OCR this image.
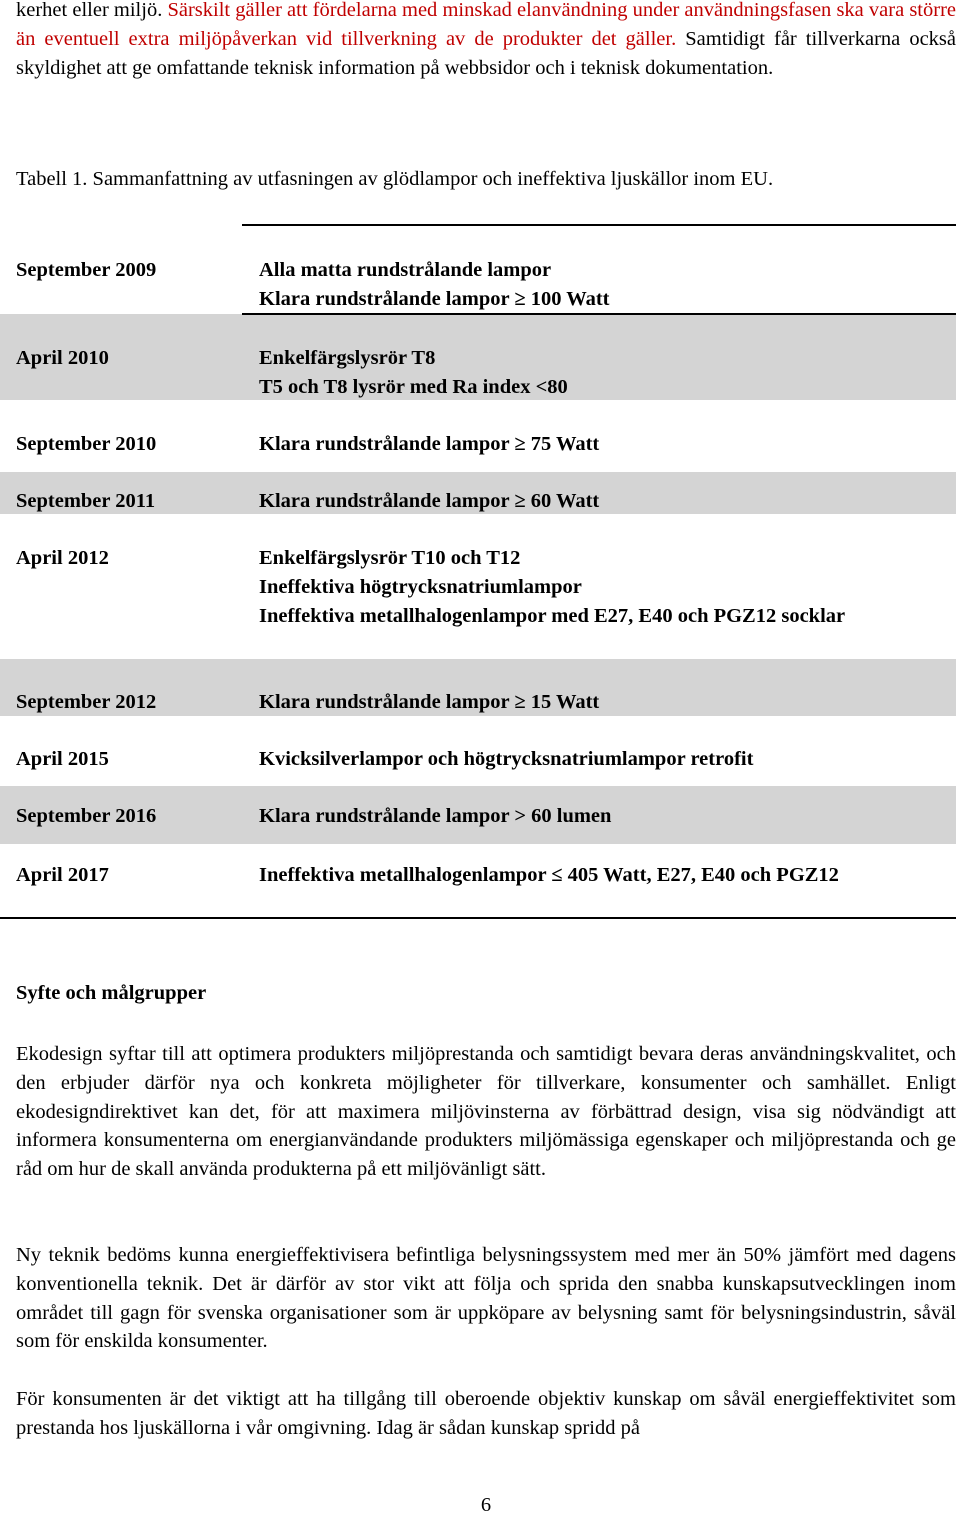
kerhet eller miljö. Särskilt gäller att fördelarna med minskad elanvändning under användningsfasen ska vara större än eventuell extra miljöpåverkan vid tillverkning av de produkter det gäller. Samtidigt får tillverkarna också skyldighet att ge omfattande teknisk information på webbsidor och i teknisk dokumentation.

Tabell 1. Sammanfattning av utfasningen av glödlampor och ineffektiva ljuskällor inom EU.

September 2009	Alla matta rundstrålande lampor
Klara rundstrålande lampor ≥ 100 Watt
April 2010	Enkelfärgslysrör T8
T5 och T8 lysrör med Ra index <80
September 2010	Klara rundstrålande lampor ≥ 75 Watt
September 2011	Klara rundstrålande lampor ≥ 60 Watt
April 2012	Enkelfärgslysrör T10 och T12
Ineffektiva högtrycksnatriumlampor
Ineffektiva metallhalogenlampor med E27, E40 och PGZ12 socklar
September 2012	Klara rundstrålande lampor ≥ 15 Watt
April 2015	Kvicksilverlampor och högtrycksnatriumlampor retrofit
September 2016	Klara rundstrålande lampor > 60 lumen
April 2017	Ineffektiva metallhalogenlampor ≤ 405 Watt, E27, E40 och PGZ12

Syfte och målgrupper

Ekodesign syftar till att optimera produkters miljöprestanda och samtidigt bevara deras användningskvalitet, och den erbjuder därför nya och konkreta möjligheter för tillverkare, konsumenter och samhället. Enligt ekodesigndirektivet kan det, för att maximera miljövinsterna av förbättrad design, visa sig nödvändigt att informera konsumenterna om energianvändande produkters miljömässiga egenskaper och miljöprestanda och ge råd om hur de skall använda produkterna på ett miljövänligt sätt.

Ny teknik bedöms kunna energieffektivisera befintliga belysningssystem med mer än 50% jämfört med dagens konventionella teknik. Det är därför av stor vikt att följa och sprida den snabba kunskapsutvecklingen inom området till gagn för svenska organisationer som är uppköpare av belysning samt för belysningsindustrin, såväl som för enskilda konsumenter.

För konsumenten är det viktigt att ha tillgång till oberoende objektiv kunskap om såväl energieffektivitet som prestanda hos ljuskällorna i vår omgivning. Idag är sådan kunskap spridd på

6
